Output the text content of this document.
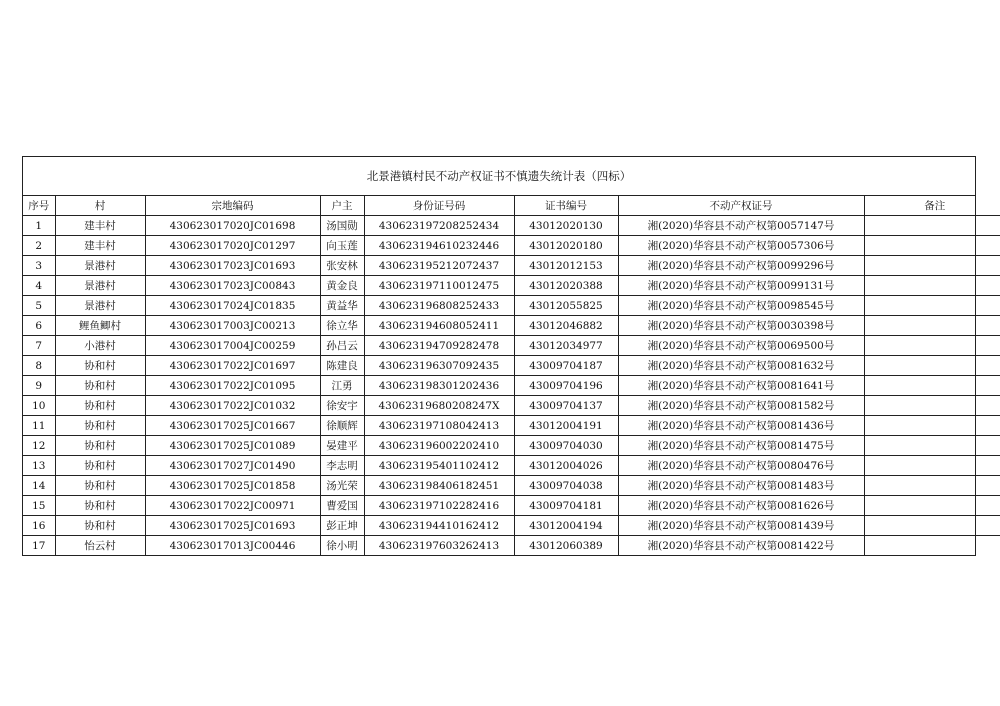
北景港镇村民不动产权证书不慎遗失统计表（四标）
序号	村	宗地编码	户主	身份证号码	证书编号	不动产权证号	备注
1	建丰村	430623017020JC01698	汤国勋	430623197208252434	43012020130	湘(2020)华容县不动产权第0057147号	
2	建丰村	430623017020JC01297	向玉莲	430623194610232446	43012020180	湘(2020)华容县不动产权第0057306号	
3	景港村	430623017023JC01693	张安林	430623195212072437	43012012153	湘(2020)华容县不动产权第0099296号	
4	景港村	430623017023JC00843	黄金良	430623197110012475	43012020388	湘(2020)华容县不动产权第0099131号	
5	景港村	430623017024JC01835	黄益华	430623196808252433	43012055825	湘(2020)华容县不动产权第0098545号	
6	鲤鱼鲫村	430623017003JC00213	徐立华	430623194608052411	43012046882	湘(2020)华容县不动产权第0030398号	
7	小港村	430623017004JC00259	孙吕云	430623194709282478	43012034977	湘(2020)华容县不动产权第0069500号	
8	协和村	430623017022JC01697	陈建良	430623196307092435	43009704187	湘(2020)华容县不动产权第0081632号	
9	协和村	430623017022JC01095	江勇	430623198301202436	43009704196	湘(2020)华容县不动产权第0081641号	
10	协和村	430623017022JC01032	徐安宇	43062319680208247X	43009704137	湘(2020)华容县不动产权第0081582号	
11	协和村	430623017025JC01667	徐顺辉	430623197108042413	43012004191	湘(2020)华容县不动产权第0081436号	
12	协和村	430623017025JC01089	晏建平	430623196002202410	43009704030	湘(2020)华容县不动产权第0081475号	
13	协和村	430623017027JC01490	李志明	430623195401102412	43012004026	湘(2020)华容县不动产权第0080476号	
14	协和村	430623017025JC01858	汤光荣	430623198406182451	43009704038	湘(2020)华容县不动产权第0081483号	
15	协和村	430623017022JC00971	曹爱国	430623197102282416	43009704181	湘(2020)华容县不动产权第0081626号	
16	协和村	430623017025JC01693	彭正坤	430623194410162412	43012004194	湘(2020)华容县不动产权第0081439号	
17	怡云村	430623017013JC00446	徐小明	430623197603262413	43012060389	湘(2020)华容县不动产权第0081422号	
